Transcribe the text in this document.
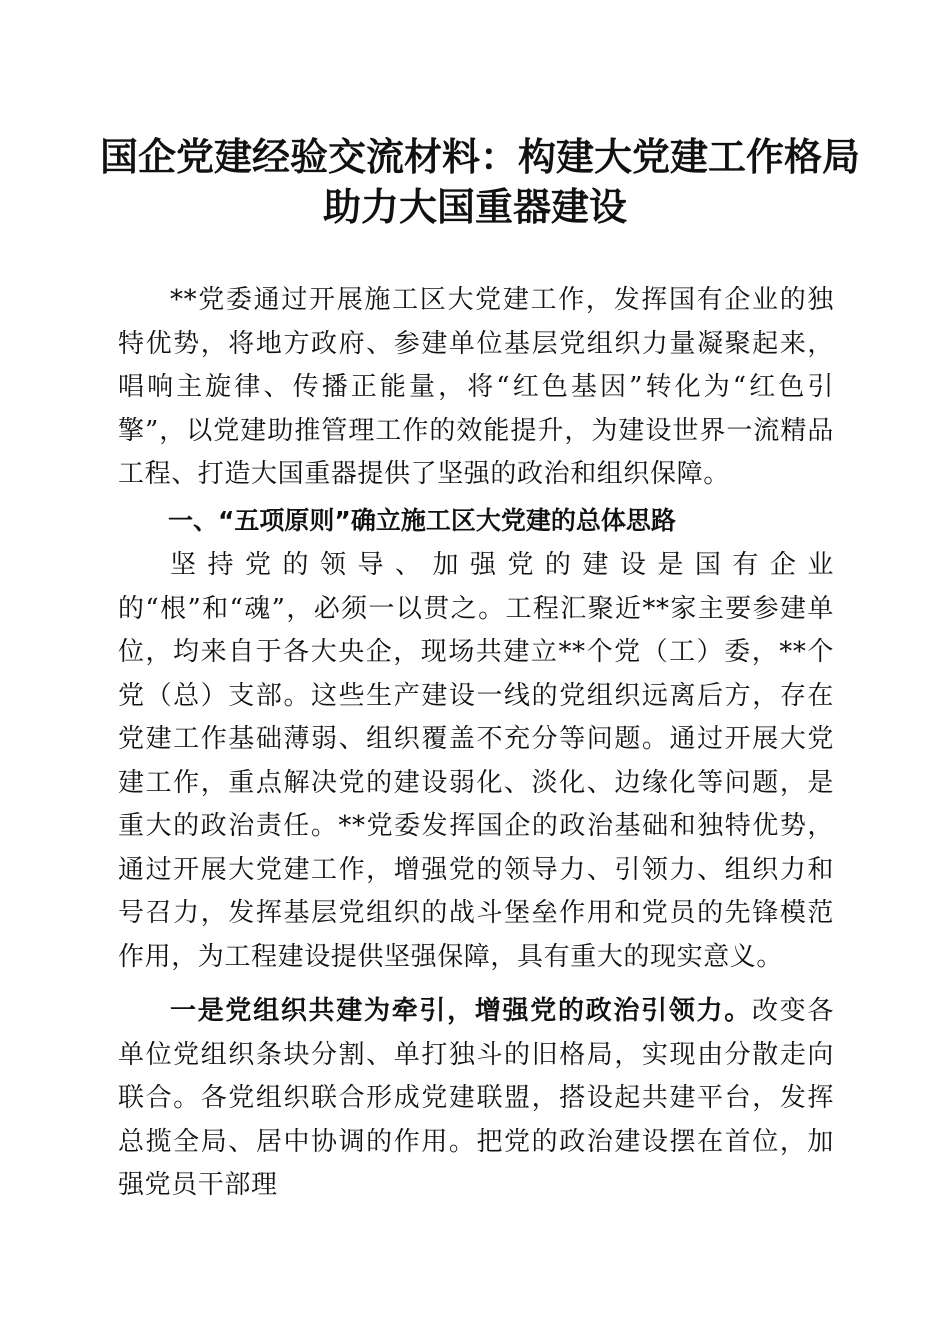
国企党建经验交流材料：构建大党建工作格局
助力大国重器建设

**党委通过开展施工区大党建工作，发挥国有企业的独特优势，将地方政府、参建单位基层党组织力量凝聚起来，唱响主旋律、传播正能量，将“红色基因”转化为“红色引擎”，以党建助推管理工作的效能提升，为建设世界一流精品工程、打造大国重器提供了坚强的政治和组织保障。

一、“五项原则”确立施工区大党建的总体思路

坚持党的领导、加强党的建设是国有企业的“根”和“魂”，必须一以贯之。工程汇聚近**家主要参建单位，均来自于各大央企，现场共建立**个党（工）委，**个党（总）支部。这些生产建设一线的党组织远离后方，存在党建工作基础薄弱、组织覆盖不充分等问题。通过开展大党建工作，重点解决党的建设弱化、淡化、边缘化等问题，是重大的政治责任。**党委发挥国企的政治基础和独特优势，通过开展大党建工作，增强党的领导力、引领力、组织力和号召力，发挥基层党组织的战斗堡垒作用和党员的先锋模范作用，为工程建设提供坚强保障，具有重大的现实意义。

一是党组织共建为牵引，增强党的政治引领力。改变各单位党组织条块分割、单打独斗的旧格局，实现由分散走向联合。各党组织联合形成党建联盟，搭设起共建平台，发挥总揽全局、居中协调的作用。把党的政治建设摆在首位，加强党员干部理
